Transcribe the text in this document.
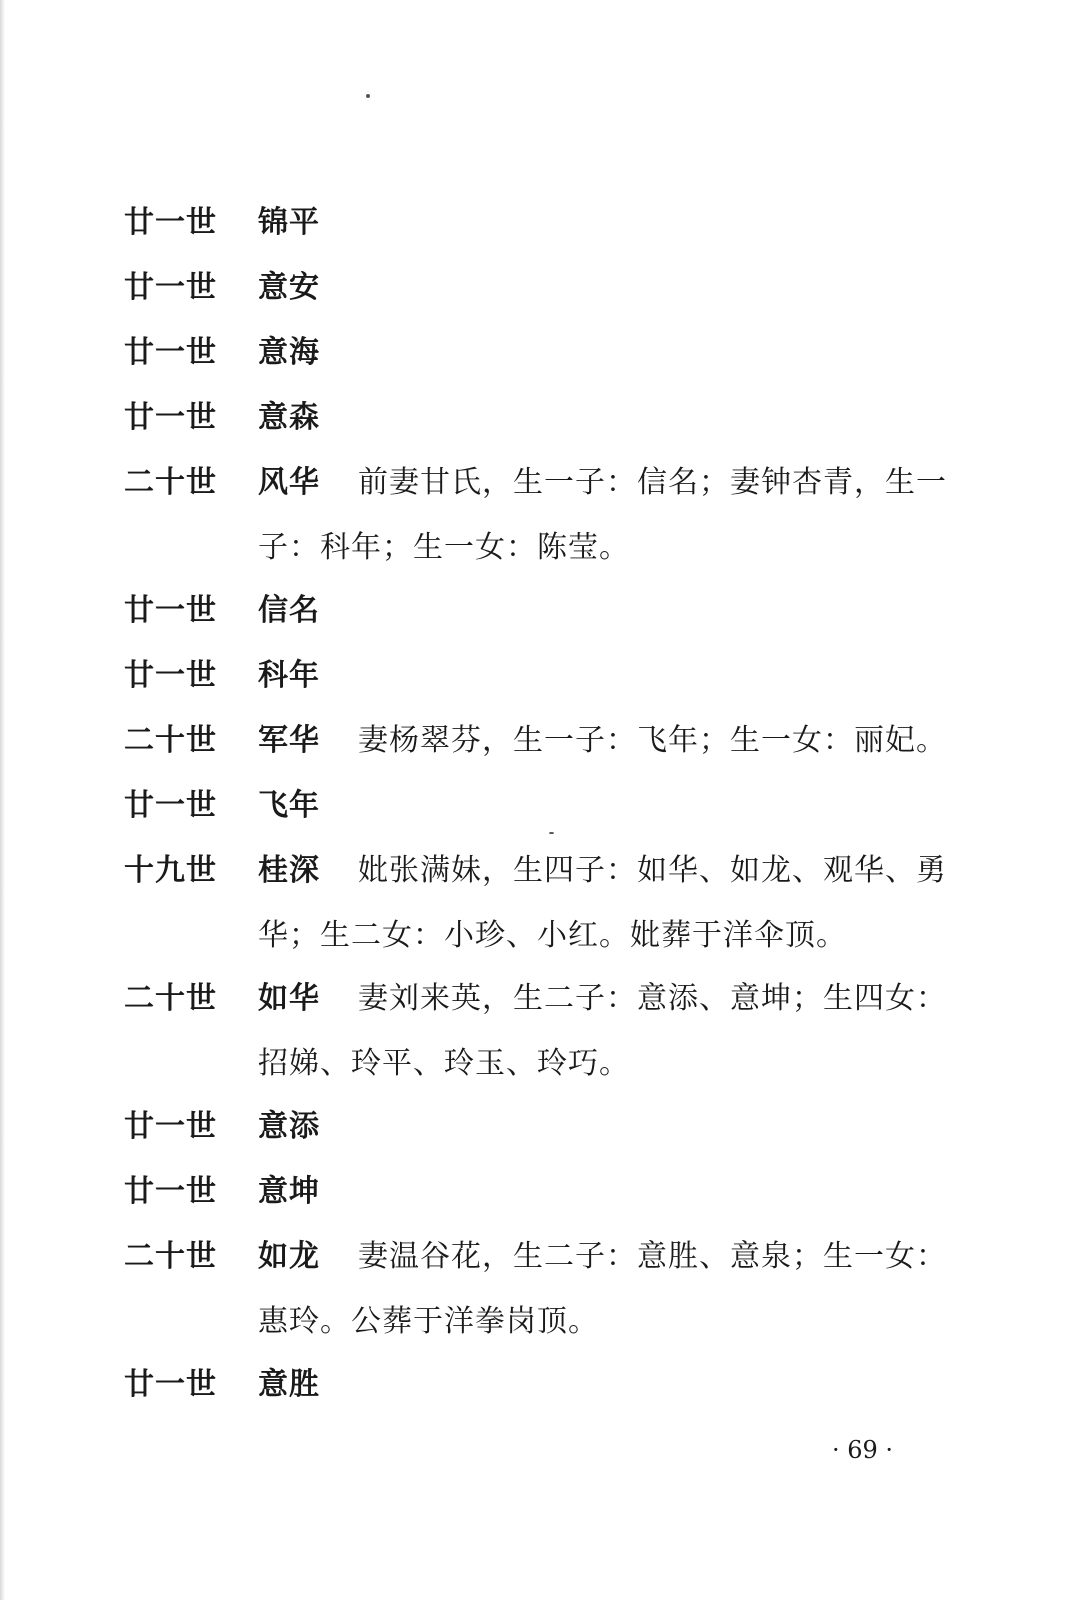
廿一世 锦平
廿一世 意安
廿一世 意海
廿一世 意森
二十世 风华 前妻甘氏，生一子：信名；妻钟杏青，生一
子：科年；生一女：陈莹。
廿一世 信名
廿一世 科年
二十世 军华 妻杨翠芬，生一子：飞年；生一女：丽妃。
廿一世 飞年
十九世 桂深 妣张满妹，生四子：如华、如龙、观华、勇
华；生二女：小珍、小红。妣葬于洋伞顶。
二十世 如华 妻刘来英，生二子：意添、意坤；生四女：
招娣、玲平、玲玉、玲巧。
廿一世 意添
廿一世 意坤
二十世 如龙 妻温谷花，生二子：意胜、意泉；生一女：
惠玲。公葬于洋拳岗顶。
廿一世 意胜
· 69 ·
